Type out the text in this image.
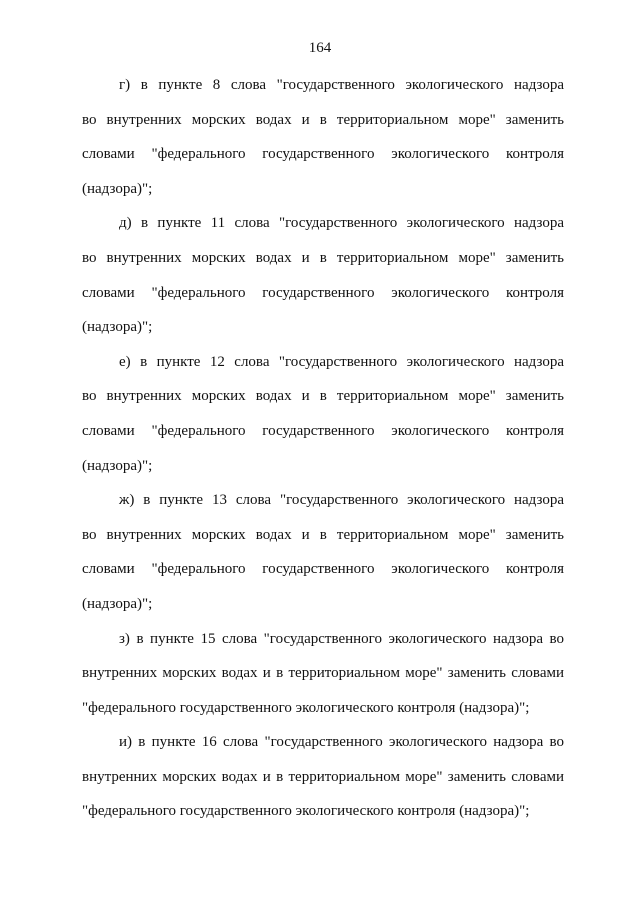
164

г) в пункте 8 слова "государственного экологического надзора
во внутренних морских водах и в территориальном море" заменить
словами "федерального государственного экологического контроля
(надзора)";

д) в пункте 11 слова "государственного экологического надзора
во внутренних морских водах и в территориальном море" заменить
словами "федерального государственного экологического контроля
(надзора)";

е) в пункте 12 слова "государственного экологического надзора
во внутренних морских водах и в территориальном море" заменить
словами "федерального государственного экологического контроля
(надзора)";

ж) в пункте 13 слова "государственного экологического надзора
во внутренних морских водах и в территориальном море" заменить
словами "федерального государственного экологического контроля
(надзора)";

з) в пункте 15 слова "государственного экологического надзора во
внутренних морских водах и в территориальном море" заменить словами
"федерального государственного экологического контроля (надзора)";

и) в пункте 16 слова "государственного экологического надзора во
внутренних морских водах и в территориальном море" заменить словами
"федерального государственного экологического контроля (надзора)";
